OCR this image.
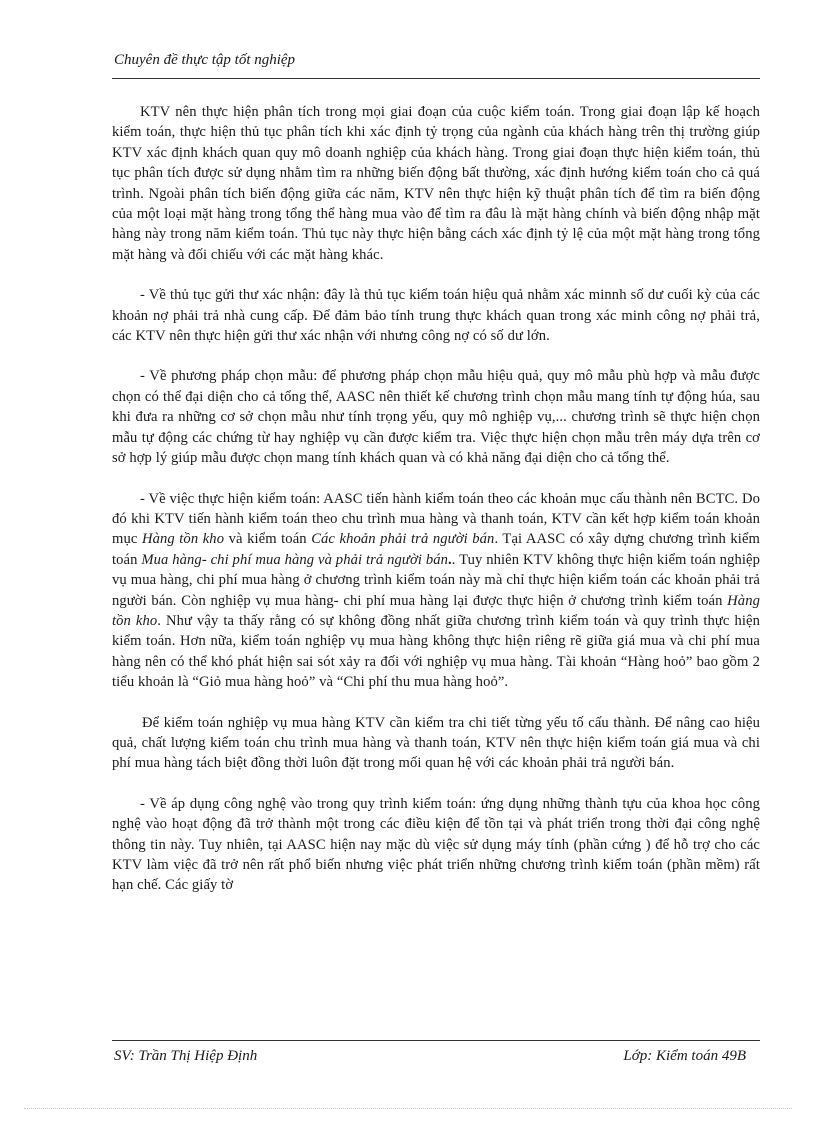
Chuyên đề thực tập tốt nghiệp

KTV nên thực hiện phân tích trong mọi giai đoạn của cuộc kiểm toán. Trong giai đoạn lập kế hoạch kiểm toán, thực hiện thủ tục phân tích khi xác định tỷ trọng của ngành của khách hàng trên thị trường giúp KTV xác định khách quan quy mô doanh nghiệp của khách hàng. Trong giai đoạn thực hiện kiểm toán, thủ tục phân tích được sử dụng nhằm tìm ra những biến động bất thường, xác định hướng kiểm toán cho cả quá trình. Ngoài phân tích biến động giữa các năm, KTV nên thực hiện kỹ thuật phân tích để tìm ra biến động của một loại mặt hàng trong tổng thể hàng mua vào để tìm ra đâu là mặt hàng chính và biến động nhập mặt hàng này trong năm kiểm toán. Thủ tục này thực hiện bằng cách xác định tỷ lệ của một mặt hàng trong tổng mặt hàng và đối chiếu với các mặt hàng khác.

- Về thủ tục gửi thư xác nhận: đây là thủ tục kiểm toán hiệu quả nhằm xác minnh số dư cuối kỳ của các khoản nợ phải trả nhà cung cấp. Để đảm bảo tính trung thực khách quan trong xác minh công nợ phải trả, các KTV nên thực hiện gửi thư xác nhận với nhưng công nợ có số dư lớn.

- Về phương pháp chọn mẫu: để phương pháp chọn mẫu hiệu quả, quy mô mẫu phù hợp và mẫu được chọn có thể đại diện cho cả tổng thể, AASC nên thiết kế chương trình chọn mẫu mang tính tự động húa, sau khi đưa ra những cơ sở chọn mẫu như tính trọng yếu, quy mô nghiệp vụ,... chương trình sẽ thực hiện chọn mẫu tự động các chứng từ hay nghiệp vụ cần được kiểm tra. Việc thực hiện chọn mẫu trên máy dựa trên cơ sở hợp lý giúp mẫu được chọn mang tính khách quan và có khả năng đại diện cho cả tổng thể.

- Về việc thực hiện kiểm toán: AASC tiến hành kiểm toán theo các khoản mục cấu thành nên BCTC. Do đó khi KTV tiến hành kiểm toán theo chu trình mua hàng và thanh toán, KTV cần kết hợp kiểm toán khoản mục Hàng tồn kho và kiểm toán Các khoản phải trả người bán. Tại AASC có xây dựng chương trình kiểm toán Mua hàng- chi phí mua hàng và phải trả người bán.. Tuy nhiên KTV không thực hiện kiểm toán nghiệp vụ mua hàng, chi phí mua hàng ở chương trình kiểm toán này mà chỉ thực hiện kiểm toán các khoản phải trả người bán. Còn nghiệp vụ mua hàng- chi phí mua hàng lại được thực hiện ở chương trình kiểm toán Hàng tồn kho. Như vậy ta thấy rằng có sự không đồng nhất giữa chương trình kiểm toán và quy trình thực hiện kiểm toán. Hơn nữa, kiểm toán nghiệp vụ mua hàng không thực hiện riêng rẽ giữa giá mua và chi phí mua hàng nên có thể khó phát hiện sai sót xảy ra đối với nghiệp vụ mua hàng. Tài khoản “Hàng hoỏ” bao gồm 2 tiểu khoản là “Giỏ mua hàng hoỏ” và “Chi phí thu mua hàng hoỏ”.

Để kiểm toán nghiệp vụ mua hàng KTV cần kiểm tra chi tiết từng yếu tố cấu thành. Để nâng cao hiệu quả, chất lượng kiểm toán chu trình mua hàng và thanh toán, KTV nên thực hiện kiểm toán giá mua và chi phí mua hàng tách biệt đồng thời luôn đặt trong mối quan hệ với các khoản phải trả người bán.

- Về áp dụng công nghệ vào trong quy trình kiểm toán: ứng dụng những thành tựu của khoa học công nghệ vào hoạt động đã trở thành một trong các điều kiện để tồn tại và phát triển trong thời đại công nghệ thông tin này. Tuy nhiên, tại AASC hiện nay mặc dù việc sử dụng máy tính (phần cứng ) để hỗ trợ cho các KTV làm việc đã trở nên rất phổ biến nhưng việc phát triển những chương trình kiểm toán (phần mềm) rất hạn chế. Các giấy tờ

SV: Trần Thị Hiệp Định	Lớp: Kiểm toán 49B
